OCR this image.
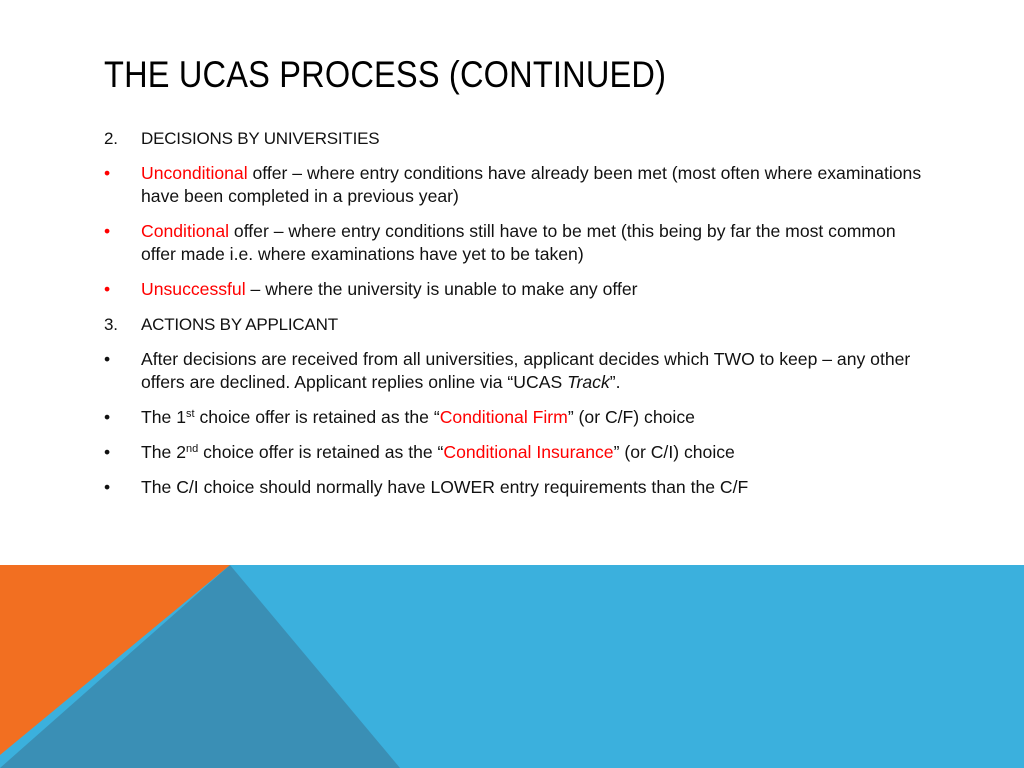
THE UCAS PROCESS (CONTINUED)
2. DECISIONS BY UNIVERSITIES
• Unconditional offer – where entry conditions have already been met (most often where examinations have been completed in a previous year)
• Conditional offer – where entry conditions still have to be met (this being by far the most common offer made i.e. where examinations have yet to be taken)
• Unsuccessful – where the university is unable to make any offer
3. ACTIONS BY APPLICANT
• After decisions are received from all universities, applicant decides which TWO to keep – any other offers are declined. Applicant replies online via “UCAS Track”.
• The 1st choice offer is retained as the “Conditional Firm” (or C/F) choice
• The 2nd choice offer is retained as the “Conditional Insurance” (or C/I) choice
• The C/I choice should normally have LOWER entry requirements than the C/F
